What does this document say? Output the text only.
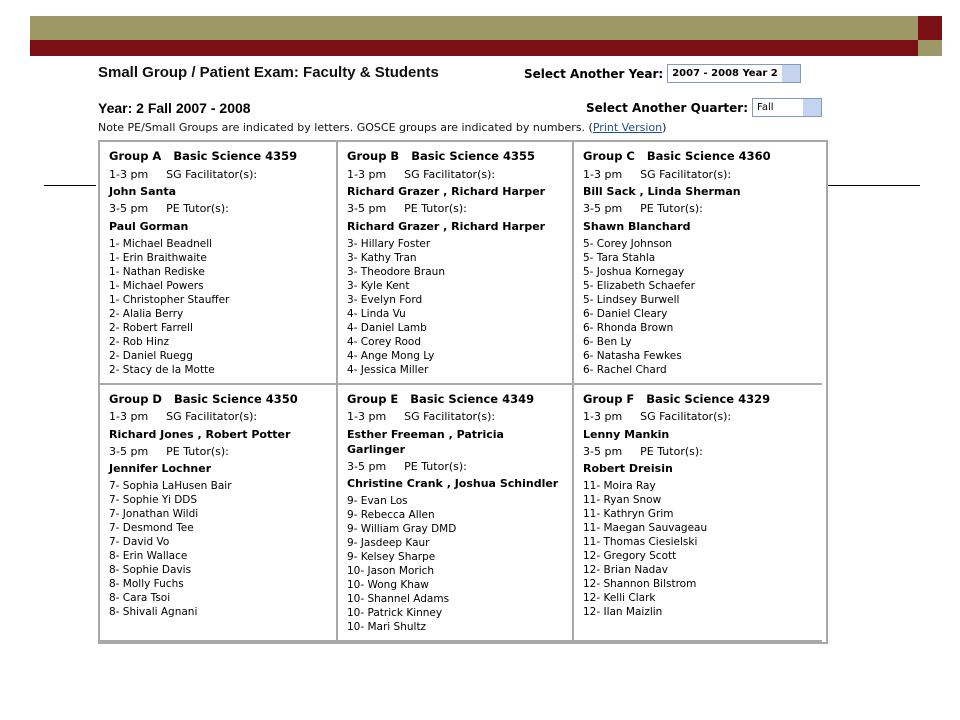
Small Group / Patient Exam: Faculty & Students	Select Another Year: 2007 - 2008 Year 2
Year: 2 Fall 2007 - 2008	Select Another Quarter: Fall
Note PE/Small Groups are indicated by letters. GOSCE groups are indicated by numbers. (Print Version)
Group A Basic Science 4359
1-3 pm SG Facilitator(s):
John Santa
3-5 pm PE Tutor(s):
Paul Gorman
1- Michael Beadnell
1- Erin Braithwaite
1- Nathan Rediske
1- Michael Powers
1- Christopher Stauffer
2- Alalia Berry
2- Robert Farrell
2- Rob Hinz
2- Daniel Ruegg
2- Stacy de la Motte
Group B Basic Science 4355
1-3 pm SG Facilitator(s):
Richard Grazer , Richard Harper
3-5 pm PE Tutor(s):
Richard Grazer , Richard Harper
3- Hillary Foster
3- Kathy Tran
3- Theodore Braun
3- Kyle Kent
3- Evelyn Ford
4- Linda Vu
4- Daniel Lamb
4- Corey Rood
4- Ange Mong Ly
4- Jessica Miller
Group C Basic Science 4360
1-3 pm SG Facilitator(s):
Bill Sack , Linda Sherman
3-5 pm PE Tutor(s):
Shawn Blanchard
5- Corey Johnson
5- Tara Stahla
5- Joshua Kornegay
5- Elizabeth Schaefer
5- Lindsey Burwell
6- Daniel Cleary
6- Rhonda Brown
6- Ben Ly
6- Natasha Fewkes
6- Rachel Chard
Group D Basic Science 4350
1-3 pm SG Facilitator(s):
Richard Jones , Robert Potter
3-5 pm PE Tutor(s):
Jennifer Lochner
7- Sophia LaHusen Bair
7- Sophie Yi DDS
7- Jonathan Wildi
7- Desmond Tee
7- David Vo
8- Erin Wallace
8- Sophie Davis
8- Molly Fuchs
8- Cara Tsoi
8- Shivali Agnani
Group E Basic Science 4349
1-3 pm SG Facilitator(s):
Esther Freeman , Patricia Garlinger
3-5 pm PE Tutor(s):
Christine Crank , Joshua Schindler
9- Evan Los
9- Rebecca Allen
9- William Gray DMD
9- Jasdeep Kaur
9- Kelsey Sharpe
10- Jason Morich
10- Wong Khaw
10- Shannel Adams
10- Patrick Kinney
10- Mari Shultz
Group F Basic Science 4329
1-3 pm SG Facilitator(s):
Lenny Mankin
3-5 pm PE Tutor(s):
Robert Dreisin
11- Moira Ray
11- Ryan Snow
11- Kathryn Grim
11- Maegan Sauvageau
11- Thomas Ciesielski
12- Gregory Scott
12- Brian Nadav
12- Shannon Bilstrom
12- Kelli Clark
12- Ilan Maizlin
